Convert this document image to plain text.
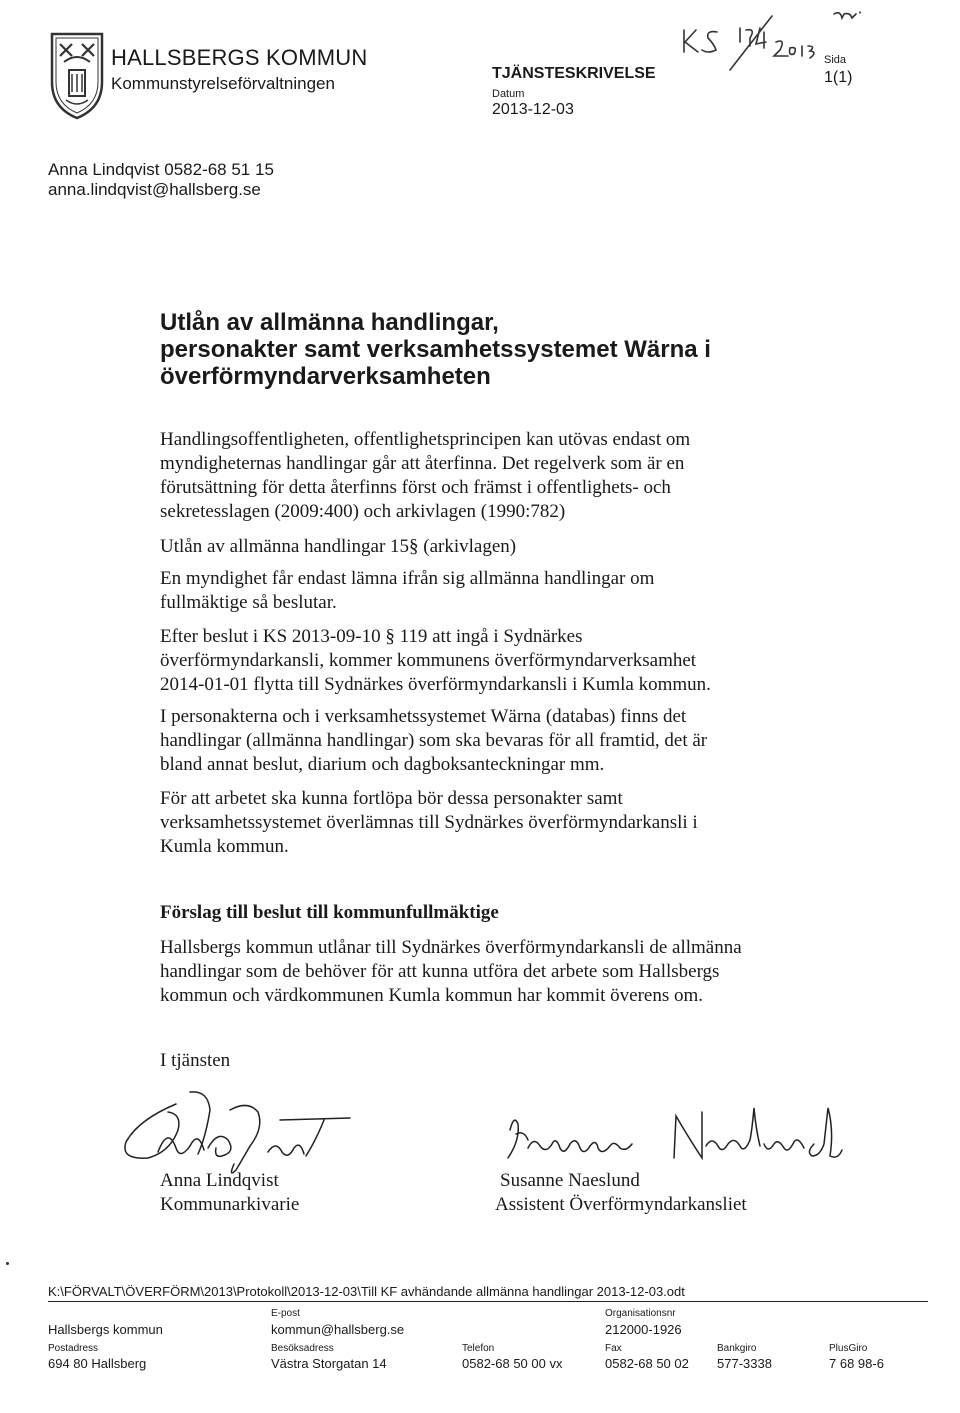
HALLSBERGS KOMMUN
Kommunstyrelseförvaltningen
TJÄNSTESKRIVELSE
Datum
2013-12-03
Sida
1(1)
Anna Lindqvist 0582-68 51 15
anna.lindqvist@hallsberg.se
Utlån av allmänna handlingar,
personakter samt verksamhetssystemet Wärna i
överförmyndarverksamheten
Handlingsoffentligheten, offentlighetsprincipen kan utövas endast om
myndigheternas handlingar går att återfinna. Det regelverk som är en
förutsättning för detta återfinns först och främst i offentlighets- och
sekretesslagen (2009:400) och arkivlagen (1990:782)
Utlån av allmänna handlingar 15§ (arkivlagen)
En myndighet får endast lämna ifrån sig allmänna handlingar om
fullmäktige så beslutar.
Efter beslut i KS 2013-09-10 § 119 att ingå i Sydnärkes
överförmyndarkansli, kommer kommunens överförmyndarverksamhet
2014-01-01 flytta till Sydnärkes överförmyndarkansli i Kumla kommun.
I personakterna och i verksamhetssystemet Wärna (databas) finns det
handlingar (allmänna handlingar) som ska bevaras för all framtid, det är
bland annat beslut, diarium och dagboksanteckningar mm.
För att arbetet ska kunna fortlöpa bör dessa personakter samt
verksamhetssystemet överlämnas till Sydnärkes överförmyndarkansli i
Kumla kommun.
Förslag till beslut till kommunfullmäktige
Hallsbergs kommun utlånar till Sydnärkes överförmyndarkansli de allmänna
handlingar som de behöver för att kunna utföra det arbete som Hallsbergs
kommun och värdkommunen Kumla kommun har kommit överens om.
I tjänsten
Anna Lindqvist
Kommunarkivarie
Susanne Naeslund
Assistent Överförmyndarkansliet
K:\FÖRVALT\ÖVERFÖRM\2013\Protokoll\2013-12-03\Till KF avhändande allmänna handlingar 2013-12-03.odt
Hallsbergs kommun
E-post
kommun@hallsberg.se
Organisationsnr
212000-1926
Postadress
694 80 Hallsberg
Besöksadress
Västra Storgatan 14
Telefon
0582-68 50 00 vx
Fax
0582-68 50 02
Bankgiro
577-3338
PlusGiro
7 68 98-6
